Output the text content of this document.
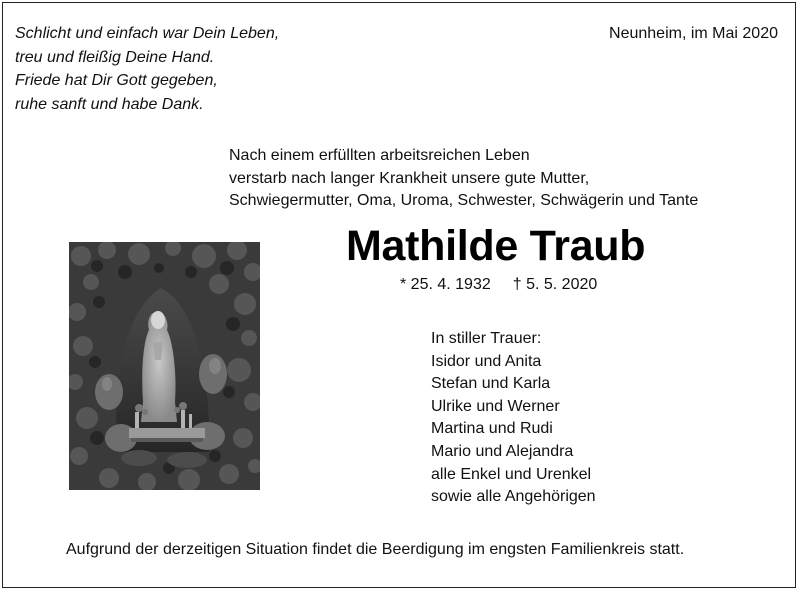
Schlicht und einfach war Dein Leben,
treu und fleißig Deine Hand.
Friede hat Dir Gott gegeben,
ruhe sanft und habe Dank.
Neunheim, im Mai 2020
Nach einem erfüllten arbeitsreichen Leben
verstarb nach langer Krankheit unsere gute Mutter,
Schwiegermutter, Oma, Uroma, Schwester, Schwägerin und Tante
Mathilde Traub
* 25. 4. 1932 † 5. 5. 2020
In stiller Trauer:
Isidor und Anita
Stefan und Karla
Ulrike und Werner
Martina und Rudi
Mario und Alejandra
alle Enkel und Urenkel
sowie alle Angehörigen
Aufgrund der derzeitigen Situation findet die Beerdigung im engsten Familienkreis statt.
